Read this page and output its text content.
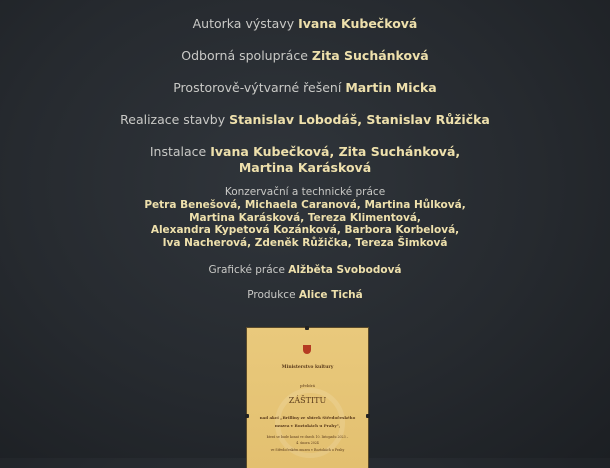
Autorka výstavy Ivana Kubečková
Odborná spolupráce Zita Suchánková
Prostorově-výtvarné řešení Martin Micka
Realizace stavby Stanislav Lobodáš, Stanislav Růžička
Instalace Ivana Kubečková, Zita Suchánková,
Martina Karásková
Konzervační a technické práce
Petra Benešová, Michaela Caranová, Martina Hůlková,
Martina Karásková, Tereza Klimentová,
Alexandra Kypetová Kozánková, Barbora Korbelová,
Iva Nacherová, Zdeněk Růžička, Tereza Šimková
Grafické práce Alžběta Svobodová
Produkce Alice Tichá
Ministerstvo kultury
přebírá
ZÁŠTITU
nad akcí „Brilliny ze sbírek Středočeského
muzea v Roztokách u Prahy",
která se bude konat ve dnech 10. listopadu 2023 –
4. února 2024
ve Středočeském muzeu v Roztokách u Prahy
